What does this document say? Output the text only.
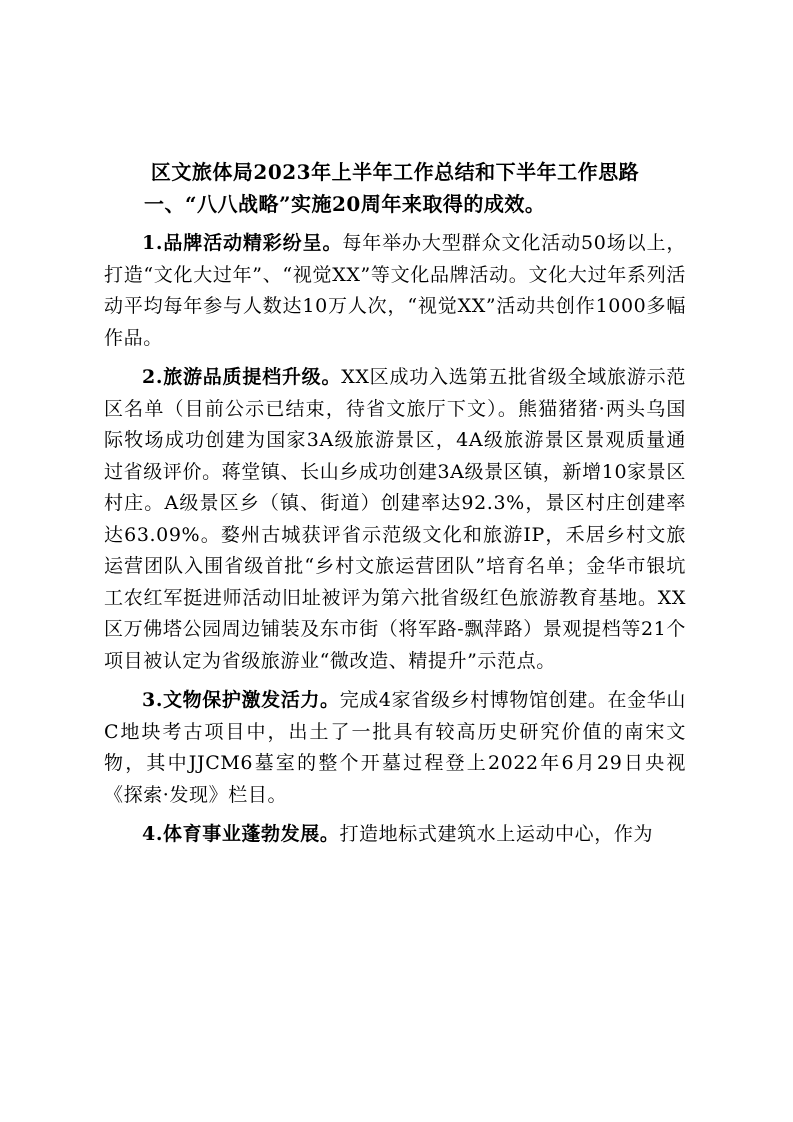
区文旅体局2023年上半年工作总结和下半年工作思路

一、“八八战略”实施20周年来取得的成效。

1.品牌活动精彩纷呈。每年举办大型群众文化活动50场以上，打造“文化大过年”、“视觉XX”等文化品牌活动。文化大过年系列活动平均每年参与人数达10万人次，“视觉XX”活动共创作1000多幅作品。

2.旅游品质提档升级。XX区成功入选第五批省级全域旅游示范区名单（目前公示已结束，待省文旅厅下文）。熊猫猪猪·两头乌国际牧场成功创建为国家3A级旅游景区，4A级旅游景区景观质量通过省级评价。蒋堂镇、长山乡成功创建3A级景区镇，新增10家景区村庄。A级景区乡（镇、街道）创建率达92.3%，景区村庄创建率达63.09%。婺州古城获评省示范级文化和旅游IP，禾居乡村文旅运营团队入围省级首批“乡村文旅运营团队”培育名单；金华市银坑工农红军挺进师活动旧址被评为第六批省级红色旅游教育基地。XX区万佛塔公园周边铺装及东市街（将军路-飘萍路）景观提档等21个项目被认定为省级旅游业“微改造、精提升”示范点。

3.文物保护激发活力。完成4家省级乡村博物馆创建。在金华山C地块考古项目中，出土了一批具有较高历史研究价值的南宋文物，其中JJCM6墓室的整个开墓过程登上2022年6月29日央视《探索·发现》栏目。

4.体育事业蓬勃发展。打造地标式建筑水上运动中心，作为
